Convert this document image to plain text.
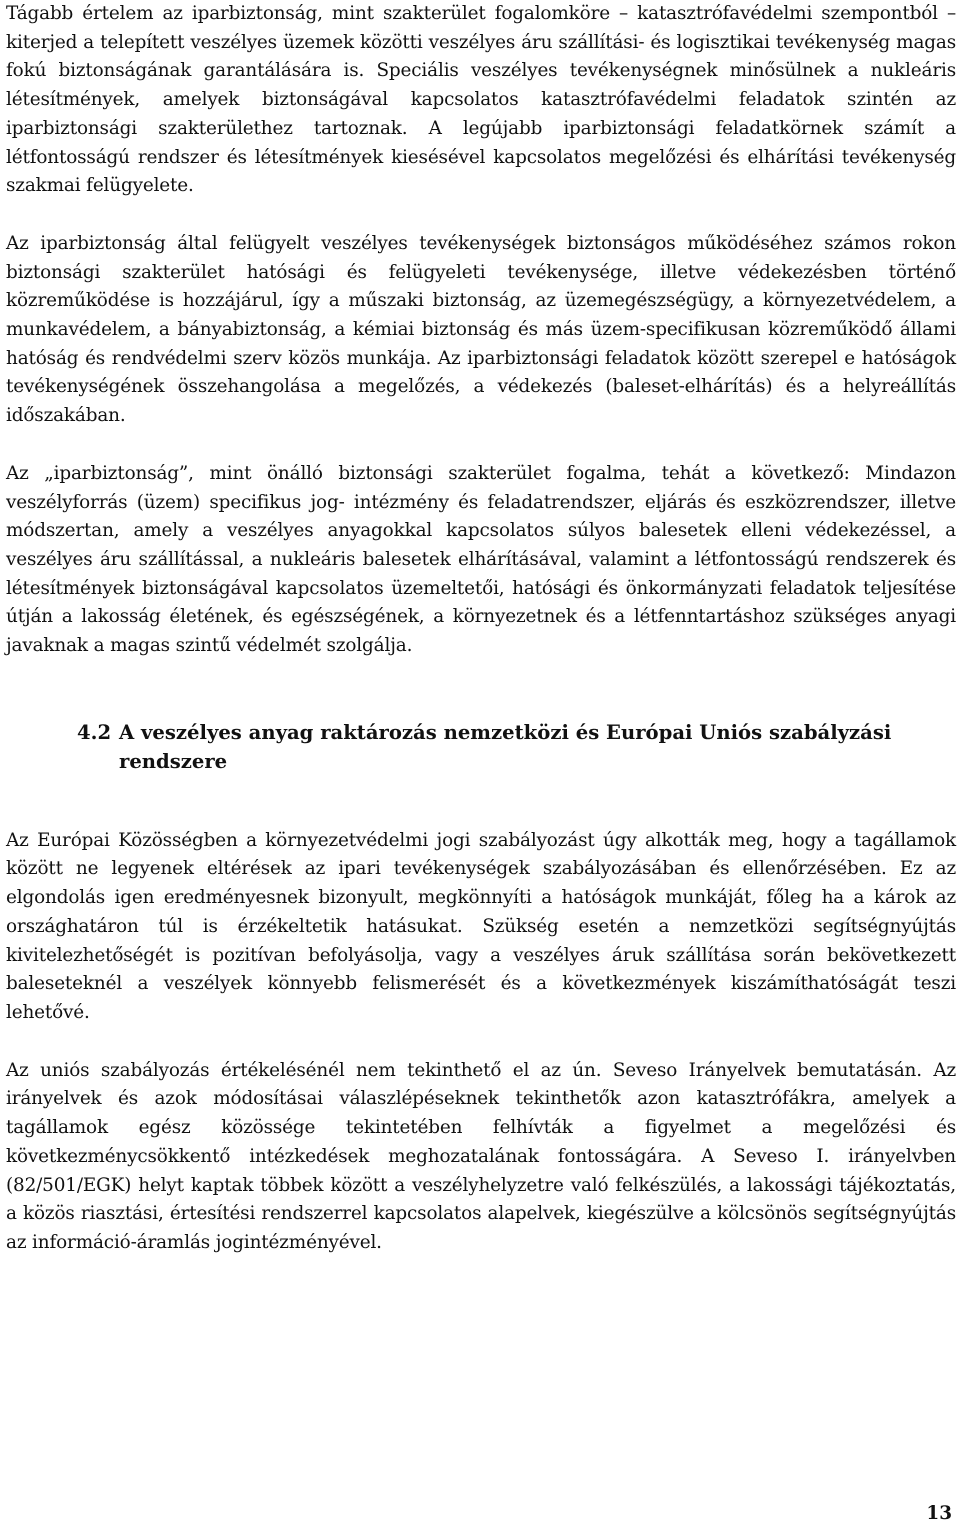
Tágabb értelem az iparbiztonság, mint szakterület fogalomköre – katasztrófavédelmi szempontból – kiterjed a telepített veszélyes üzemek közötti veszélyes áru szállítási- és logisztikai tevékenység magas fokú biztonságának garantálására is. Speciális veszélyes tevékenységnek minősülnek a nukleáris létesítmények, amelyek biztonságával kapcsolatos katasztrófavédelmi feladatok szintén az iparbiztonsági szakterülethez tartoznak. A legújabb iparbiztonsági feladatkörnek számít a létfontosságú rendszer és létesítmények kiesésével kapcsolatos megelőzési és elhárítási tevékenység szakmai felügyelete.

Az iparbiztonság által felügyelt veszélyes tevékenységek biztonságos működéséhez számos rokon biztonsági szakterület hatósági és felügyeleti tevékenysége, illetve védekezésben történő közreműködése is hozzájárul, így a műszaki biztonság, az üzemegészségügy, a környezetvédelem, a munkavédelem, a bányabiztonság, a kémiai biztonság és más üzem-specifikusan közreműködő állami hatóság és rendvédelmi szerv közös munkája. Az iparbiztonsági feladatok között szerepel e hatóságok tevékenységének összehangolása a megelőzés, a védekezés (baleset-elhárítás) és a helyreállítás időszakában.

Az „iparbiztonság”, mint önálló biztonsági szakterület fogalma, tehát a következő: Mindazon veszélyforrás (üzem) specifikus jog- intézmény és feladatrendszer, eljárás és eszközrendszer, illetve módszertan, amely a veszélyes anyagokkal kapcsolatos súlyos balesetek elleni védekezéssel, a veszélyes áru szállítással, a nukleáris balesetek elhárításával, valamint a létfontosságú rendszerek és létesítmények biztonságával kapcsolatos üzemeltetői, hatósági és önkormányzati feladatok teljesítése útján a lakosság életének, és egészségének, a környezetnek és a létfenntartáshoz szükséges anyagi javaknak a magas szintű védelmét szolgálja.

4.2 A veszélyes anyag raktározás nemzetközi és Európai Uniós szabályzási rendszere

Az Európai Közösségben a környezetvédelmi jogi szabályozást úgy alkották meg, hogy a tagállamok között ne legyenek eltérések az ipari tevékenységek szabályozásában és ellenőrzésében. Ez az elgondolás igen eredményesnek bizonyult, megkönnyíti a hatóságok munkáját, főleg ha a károk az országhatáron túl is érzékeltetik hatásukat. Szükség esetén a nemzetközi segítségnyújtás kivitelezhetőségét is pozitívan befolyásolja, vagy a veszélyes áruk szállítása során bekövetkezett baleseteknél a veszélyek könnyebb felismerését és a következmények kiszámíthatóságát teszi lehetővé.

Az uniós szabályozás értékelésénél nem tekinthető el az ún. Seveso Irányelvek bemutatásán. Az irányelvek és azok módosításai válaszlépéseknek tekinthetők azon katasztrófákra, amelyek a tagállamok egész közössége tekintetében felhívták a figyelmet a megelőzési és következménycsökkentő intézkedések meghozatalának fontosságára. A Seveso I. irányelvben (82/501/EGK) helyt kaptak többek között a veszélyhelyzetre való felkészülés, a lakossági tájékoztatás, a közös riasztási, értesítési rendszerrel kapcsolatos alapelvek, kiegészülve a kölcsönös segítségnyújtás az információ-áramlás jogintézményével.

13
